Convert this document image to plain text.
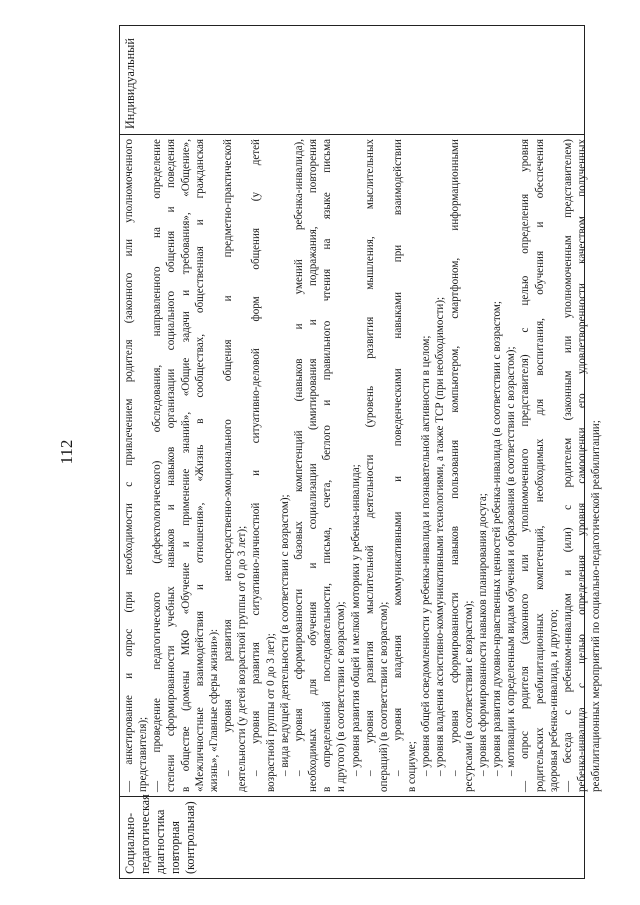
112
Социально- педагогическая диагностика повторная (контрольная)
— анкетирование и опрос (при необходимости с привлечением родителя (законного или уполномоченного представителя); — проведение педагогического (дефектологического) обследования, направленного на определение степени сформированности учебных навыков и навыков организации социального общения и поведения в обществе (домены МКФ «Обучение и применение знаний», «Общие задачи и требования», «Общение», «Межличностные взаимодействия и отношения», «Жизнь в сообществах, общественная и гражданская жизнь», «Главные сферы жизни»): – уровня развития непосредственно-эмоционального общения и предметно-практической деятельности (у детей возрастной группы от 0 до 3 лет); – уровня развития ситуативно-личностной и ситуативно-деловой форм общения (у детей возрастной группы от 0 до 3 лет); – вида ведущей деятельности (в соответствии с возрастом); – уровня сформированности базовых компетенций (навыков и умений ребенка-инвалида), необходимых для обучения и социализации (имитирования и подражания, повторения в определенной последовательности, письма, счета, беглого и правильного чтения на языке письма и другого) (в соответствии с возрастом); – уровня развития общей и мелкой моторики у ребенка-инвалида; – уровня развития мыслительной деятельности (уровень развития мышления, мыслительных операций) (в соответствии с возрастом); – уровня владения коммуникативными и поведенческими навыками при взаимодействии в социуме; – уровня общей осведомленности у ребенка-инвалида и познавательной активности в целом; – уровня владения ассистивно-коммуникативными технологиями, а также ТСР (при необходимости); – уровня сформированности навыков пользования компьютером, смартфоном, информационными ресурсами (в соответствии с возрастом); – уровня сформированности навыков планирования досуга; – уровня развития духовно-нравственных ценностей ребенка-инвалида (в соответствии с возрастом; – мотивации к определенным видам обучения и образования (в соответствии с возрастом); — опрос родителя (законного или уполномоченного представителя) с целью определения уровня родительских реабилитационных компетенций, необходимых для воспитания, обучения и обеспечения здоровья ребенка-инвалида, и другого; — беседа с ребенком-инвалидом и (или) с родителем (законным или уполномоченным представителем) ребенка-инвалида с целью определения уровня самооценки его удовлетворенности качеством полученных реабилитационных мероприятий по социально-педагогической реабилитации;
Индивидуальный
